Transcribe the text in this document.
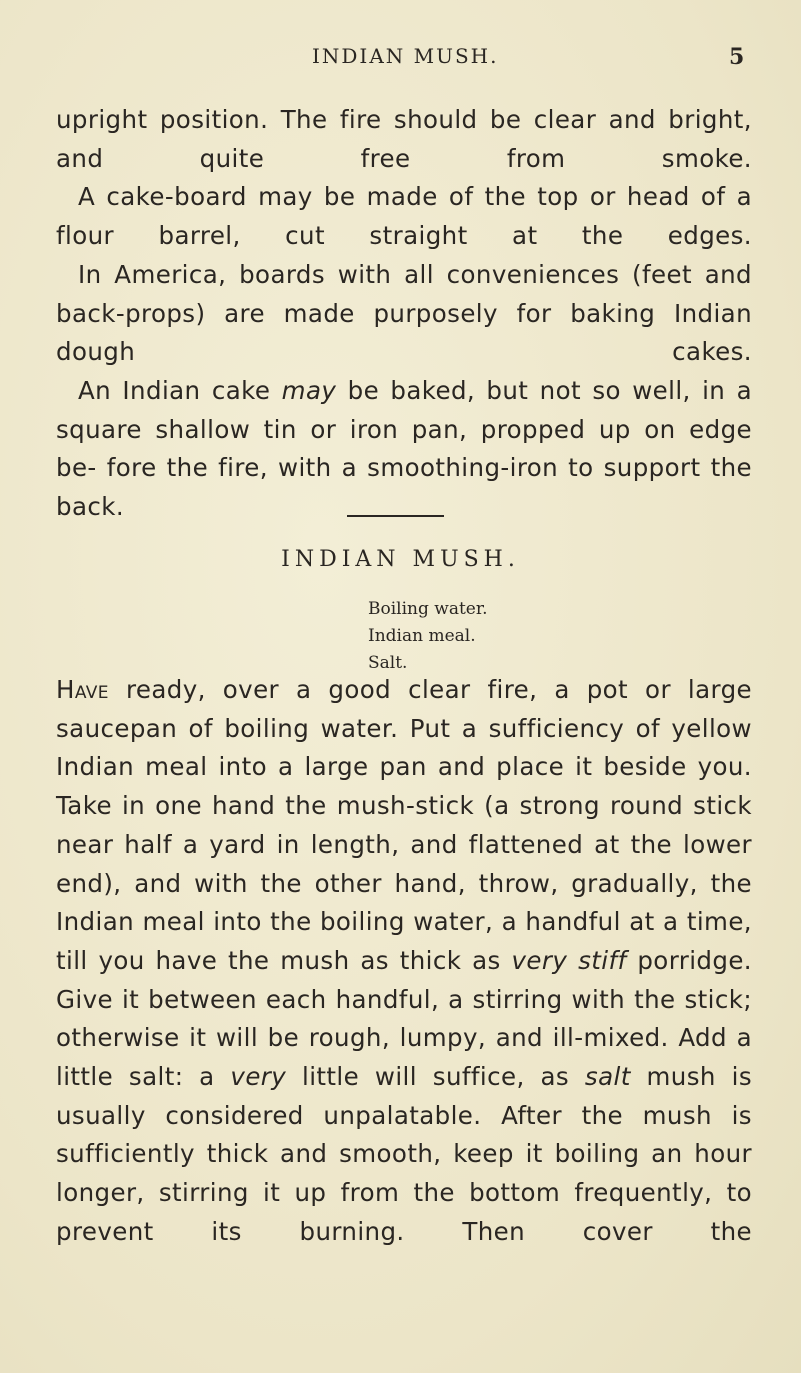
INDIAN MUSH.	5

upright position. The fire should be clear and bright, and quite free from smoke.

A cake-board may be made of the top or head of a flour barrel, cut straight at the edges.

In America, boards with all conveniences (feet and back-props) are made purposely for baking Indian dough cakes.

An Indian cake may be baked, but not so well, in a square shallow tin or iron pan, propped up on edge be- fore the fire, with a smoothing-iron to support the back.

INDIAN MUSH.
Boiling water.
Indian meal.
Salt.

Have ready, over a good clear fire, a pot or large saucepan of boiling water. Put a sufficiency of yellow Indian meal into a large pan and place it beside you. Take in one hand the mush-stick (a strong round stick near half a yard in length, and flattened at the lower end), and with the other hand, throw, gradually, the Indian meal into the boiling water, a handful at a time, till you have the mush as thick as very stiff porridge. Give it between each handful, a stirring with the stick; otherwise it will be rough, lumpy, and ill-mixed. Add a little salt: a very little will suffice, as salt mush is usually considered unpalatable. After the mush is sufficiently thick and smooth, keep it boiling an hour longer, stirring it up from the bottom frequently, to prevent its burning. Then cover the
